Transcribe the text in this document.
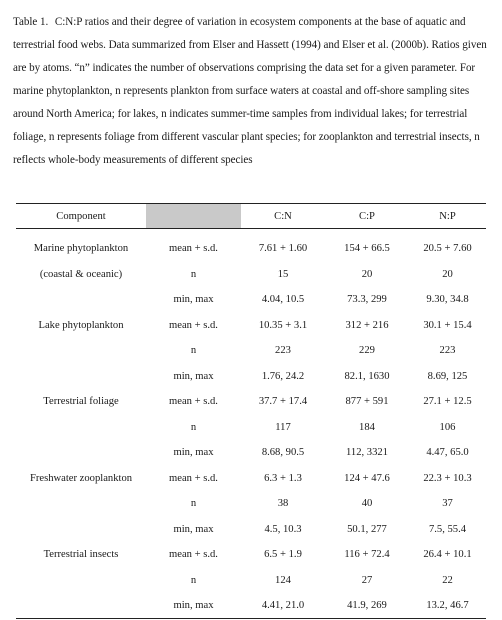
Table 1. C:N:P ratios and their degree of variation in ecosystem components at the base of aquatic and terrestrial food webs. Data summarized from Elser and Hassett (1994) and Elser et al. (2000b). Ratios given are by atoms. “n” indicates the number of observations comprising the data set for a given parameter. For marine phytoplankton, n represents plankton from surface waters at coastal and off-shore sampling sites around North America; for lakes, n indicates summer-time samples from individual lakes; for terrestrial foliage, n represents foliage from different vascular plant species; for zooplankton and terrestrial insects, n reflects whole-body measurements of different species
Component		C:N	C:P	N:P

Marine phytoplankton	mean + s.d.	7.61 + 1.60	154 + 66.5	20.5 + 7.60
(coastal & oceanic)	n	15	20	20
	min, max	4.04, 10.5	73.3, 299	9.30, 34.8
Lake phytoplankton	mean + s.d.	10.35 + 3.1	312 + 216	30.1 + 15.4
	n	223	229	223
	min, max	1.76, 24.2	82.1, 1630	8.69, 125
Terrestrial foliage	mean + s.d.	37.7 + 17.4	877 + 591	27.1 + 12.5
	n	117	184	106
	min, max	8.68, 90.5	112, 3321	4.47, 65.0
Freshwater zooplankton	mean + s.d.	6.3 + 1.3	124 + 47.6	22.3 + 10.3
	n	38	40	37
	min, max	4.5, 10.3	50.1, 277	7.5, 55.4
Terrestrial insects	mean + s.d.	6.5 + 1.9	116 + 72.4	26.4 + 10.1
	n	124	27	22
	min, max	4.41, 21.0	41.9, 269	13.2, 46.7
